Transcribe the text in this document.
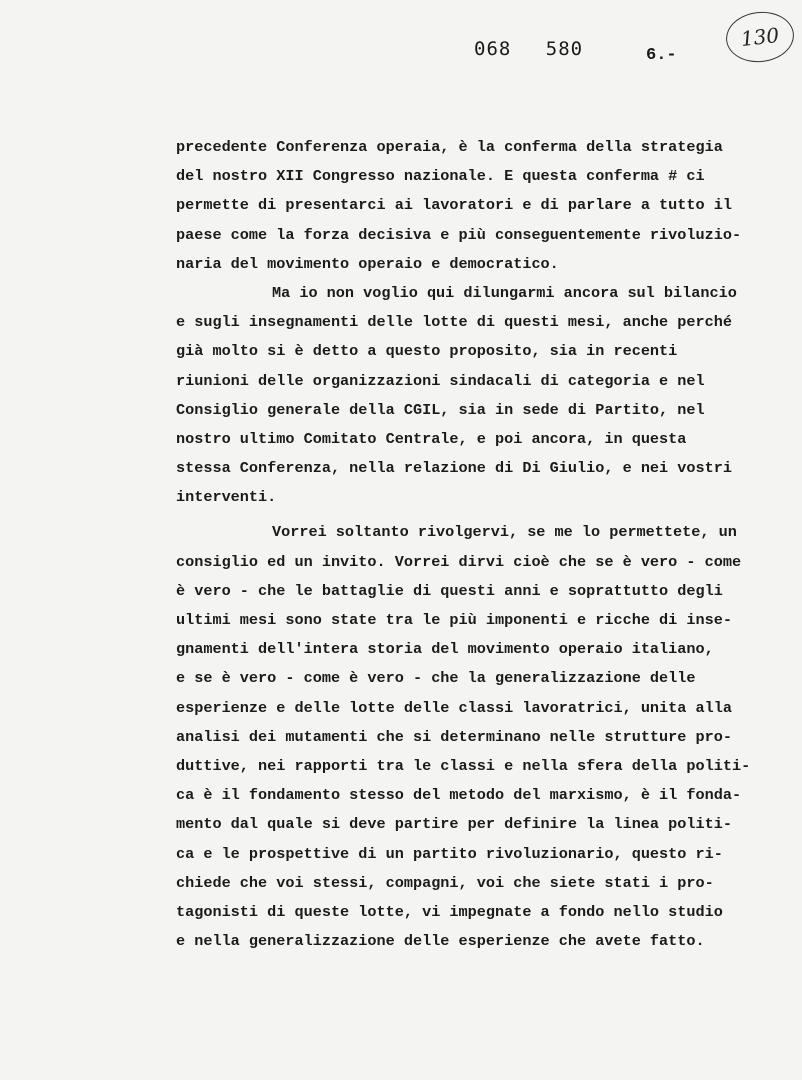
068 580	6.-
130
precedente Conferenza operaia, è la conferma della strategia
del nostro XII Congresso nazionale. E questa conferma # ci
permette di presentarci ai lavoratori e di parlare a tutto il
paese come la forza decisiva e più conseguentemente rivoluzio-
naria del movimento operaio e democratico.
Ma io non voglio qui dilungarmi ancora sul bilancio
e sugli insegnamenti delle lotte di questi mesi, anche perché
già molto si è detto a questo proposito, sia in recenti
riunioni delle organizzazioni sindacali di categoria e nel
Consiglio generale della CGIL, sia in sede di Partito, nel
nostro ultimo Comitato Centrale, e poi ancora, in questa
stessa Conferenza, nella relazione di Di Giulio, e nei vostri
interventi.
Vorrei soltanto rivolgervi, se me lo permettete, un
consiglio ed un invito. Vorrei dirvi cioè che se è vero - come
è vero - che le battaglie di questi anni e soprattutto degli
ultimi mesi sono state tra le più imponenti e ricche di inse-
gnamenti dell'intera storia del movimento operaio italiano,
e se è vero - come è vero - che la generalizzazione delle
esperienze e delle lotte delle classi lavoratrici, unita alla
analisi dei mutamenti che si determinano nelle strutture pro-
duttive, nei rapporti tra le classi e nella sfera della politi-
ca è il fondamento stesso del metodo del marxismo, è il fonda-
mento dal quale si deve partire per definire la linea politi-
ca e le prospettive di un partito rivoluzionario, questo ri-
chiede che voi stessi, compagni, voi che siete stati i pro-
tagonisti di queste lotte, vi impegnate a fondo nello studio
e nella generalizzazione delle esperienze che avete fatto.
